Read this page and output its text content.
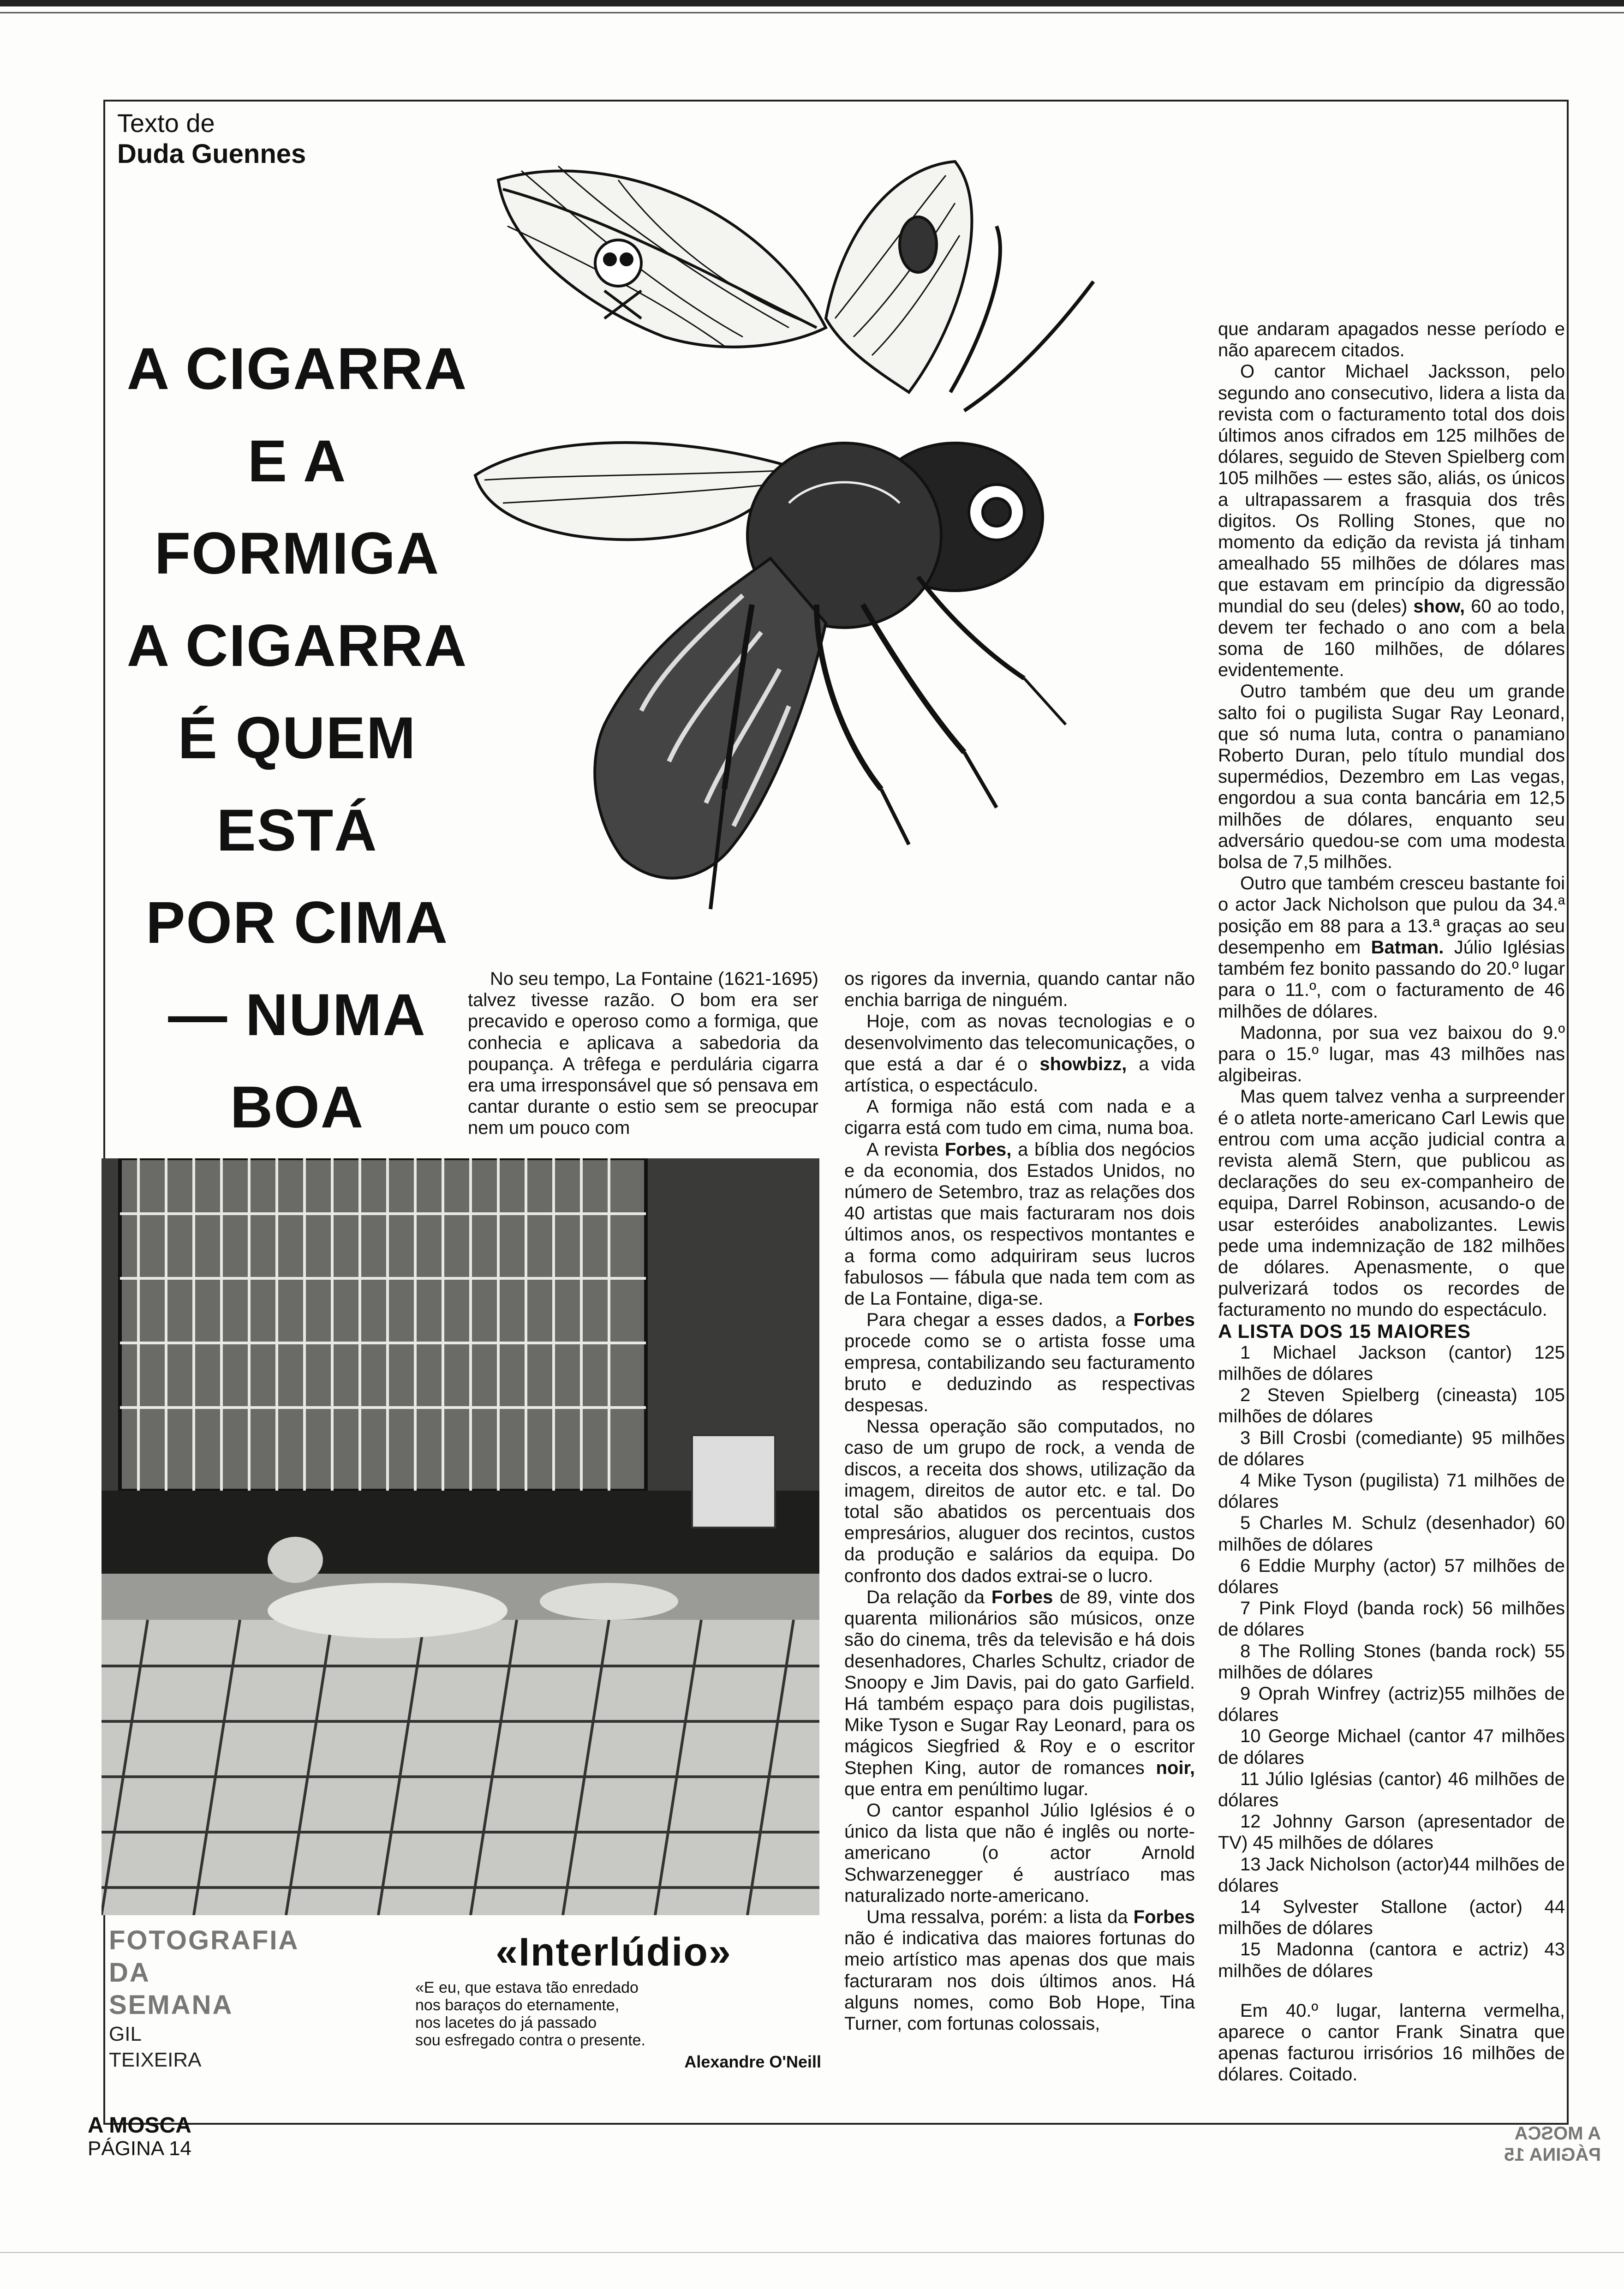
Texto de
Duda Guennes
A CIGARRA
E A
FORMIGA
A CIGARRA
É QUEM
ESTÁ
POR CIMA
— NUMA
BOA

No seu tempo, La Fontaine (1621-1695) talvez tivesse razão. O bom era ser precavido e operoso como a formiga, que conhecia e aplicava a sabedoria da poupança. A trêfega e perdulária cigarra era uma irresponsável que só pensava em cantar durante o estio sem se preocupar nem um pouco com

os rigores da invernia, quando cantar não enchia barriga de ninguém.

Hoje, com as novas tecnologias e o desenvolvimento das telecomunicações, o que está a dar é o showbizz, a vida artística, o espectáculo.

A formiga não está com nada e a cigarra está com tudo em cima, numa boa.

A revista Forbes, a bíblia dos negócios e da economia, dos Estados Unidos, no número de Setembro, traz as relações dos 40 artistas que mais facturaram nos dois últimos anos, os respectivos montantes e a forma como adquiriram seus lucros fabulosos — fábula que nada tem com as de La Fontaine, diga-se.

Para chegar a esses dados, a Forbes procede como se o artista fosse uma empresa, contabilizando seu facturamento bruto e deduzindo as respectivas despesas.

Nessa operação são computados, no caso de um grupo de rock, a venda de discos, a receita dos shows, utilização da imagem, direitos de autor etc. e tal. Do total são abatidos os percentuais dos empresários, aluguer dos recintos, custos da produção e salários da equipa. Do confronto dos dados extrai-se o lucro.

Da relação da Forbes de 89, vinte dos quarenta milionários são músicos, onze são do cinema, três da televisão e há dois desenhadores, Charles Schultz, criador de Snoopy e Jim Davis, pai do gato Garfield. Há também espaço para dois pugilistas, Mike Tyson e Sugar Ray Leonard, para os mágicos Siegfried & Roy e o escritor Stephen King, autor de romances noir, que entra em penúltimo lugar.

O cantor espanhol Júlio Iglésios é o único da lista que não é inglês ou norte-americano (o actor Arnold Schwarzenegger é austríaco mas naturalizado norte-americano.

Uma ressalva, porém: a lista da Forbes não é indicativa das maiores fortunas do meio artístico mas apenas dos que mais facturaram nos dois últimos anos. Há alguns nomes, como Bob Hope, Tina Turner, com fortunas colossais,

que andaram apagados nesse período e não aparecem citados.

O cantor Michael Jacksson, pelo segundo ano consecutivo, lidera a lista da revista com o facturamento total dos dois últimos anos cifrados em 125 milhões de dólares, seguido de Steven Spielberg com 105 milhões — estes são, aliás, os únicos a ultrapassarem a frasquia dos três digitos. Os Rolling Stones, que no momento da edição da revista já tinham amealhado 55 milhões de dólares mas que estavam em princípio da digressão mundial do seu (deles) show, 60 ao todo, devem ter fechado o ano com a bela soma de 160 milhões, de dólares evidentemente.

Outro também que deu um grande salto foi o pugilista Sugar Ray Leonard, que só numa luta, contra o panamiano Roberto Duran, pelo título mundial dos supermédios, Dezembro em Las vegas, engordou a sua conta bancária em 12,5 milhões de dólares, enquanto seu adversário quedou-se com uma modesta bolsa de 7,5 milhões.

Outro que também cresceu bastante foi o actor Jack Nicholson que pulou da 34.ª posição em 88 para a 13.ª graças ao seu desempenho em Batman. Júlio Iglésias também fez bonito passando do 20.º lugar para o 11.º, com o facturamento de 46 milhões de dólares.

Madonna, por sua vez baixou do 9.º para o 15.º lugar, mas 43 milhões nas algibeiras.

Mas quem talvez venha a surpreender é o atleta norte-americano Carl Lewis que entrou com uma acção judicial contra a revista alemã Stern, que publicou as declarações do seu ex-companheiro de equipa, Darrel Robinson, acusando-o de usar esteróides anabolizantes. Lewis pede uma indemnização de 182 milhões de dólares. Apenasmente, o que pulverizará todos os recordes de facturamento no mundo do espectáculo.

A LISTA DOS 15 MAIORES

1 Michael Jackson (cantor) 125 milhões de dólares

2 Steven Spielberg (cineasta) 105 milhões de dólares

3 Bill Crosbi (comediante) 95 milhões de dólares

4 Mike Tyson (pugilista) 71 milhões de dólares

5 Charles M. Schulz (desenhador) 60 milhões de dólares

6 Eddie Murphy (actor) 57 milhões de dólares

7 Pink Floyd (banda rock) 56 milhões de dólares

8 The Rolling Stones (banda rock) 55 milhões de dólares

9 Oprah Winfrey (actriz)55 milhões de dólares

10 George Michael (cantor 47 milhões de dólares

11 Júlio Iglésias (cantor) 46 milhões de dólares

12 Johnny Garson (apresentador de TV) 45 milhões de dólares

13 Jack Nicholson (actor)44 milhões de dólares

14 Sylvester Stallone (actor) 44 milhões de dólares

15 Madonna (cantora e actriz) 43 milhões de dólares

Em 40.º lugar, lanterna vermelha, aparece o cantor Frank Sinatra que apenas facturou irrisórios 16 milhões de dólares. Coitado.

FOTOGRAFIA
DA
SEMANA
GIL
TEIXEIRA
«Interlúdio»
«E eu, que estava tão enredado
nos baraços do eternamente,
nos lacetes do já passado
sou esfregado contra o presente.
Alexandre O'Neill
A MOSCA
PÁGINA 14
A MOSCA
PÁGINA 15
